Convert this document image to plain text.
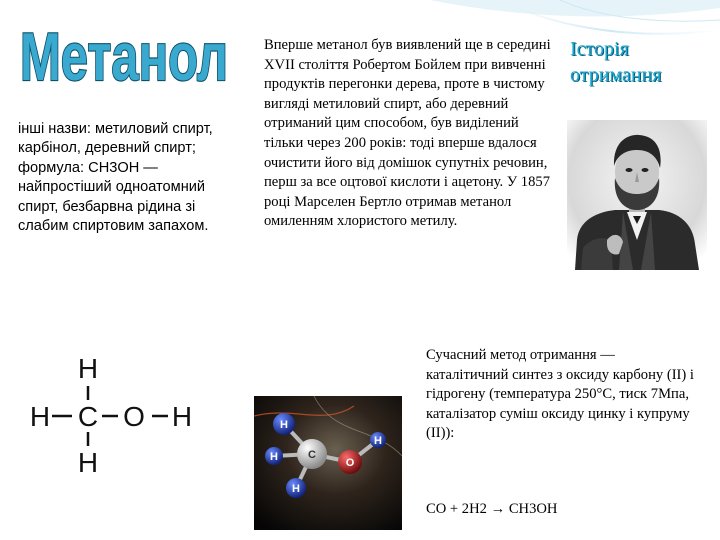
Метанол

інші назви: метиловий спирт, карбінол, деревний спирт; формула: CH3OH — найпростіший одноатомний спирт, безбарвна рідина зі слабим спиртовим запахом.

Вперше метанол був виявлений ще в середині XVII століття Робертом Бойлем при вивченні продуктів перегонки дерева, проте в чистому вигляді метиловий спирт, або деревний отриманий цим способом, був виділений тільки через 200 років: тоді вперше вдалося очистити його від домішок супутніх речовин, перш за все оцтової кислоти і ацетону. У 1857 році Марселен Бертло отримав метанол омиленням хлористого метилу.

Історія отримання
H
H C O H
H
H
H	C
H
O
H

Сучасний метод отримання — каталітичний синтез з оксиду карбону (II) і гідрогену (температура 250°C, тиск 7Мпа, каталізатор суміш оксиду цинку і купруму (II)):

CO + 2H2 → CH3OH
